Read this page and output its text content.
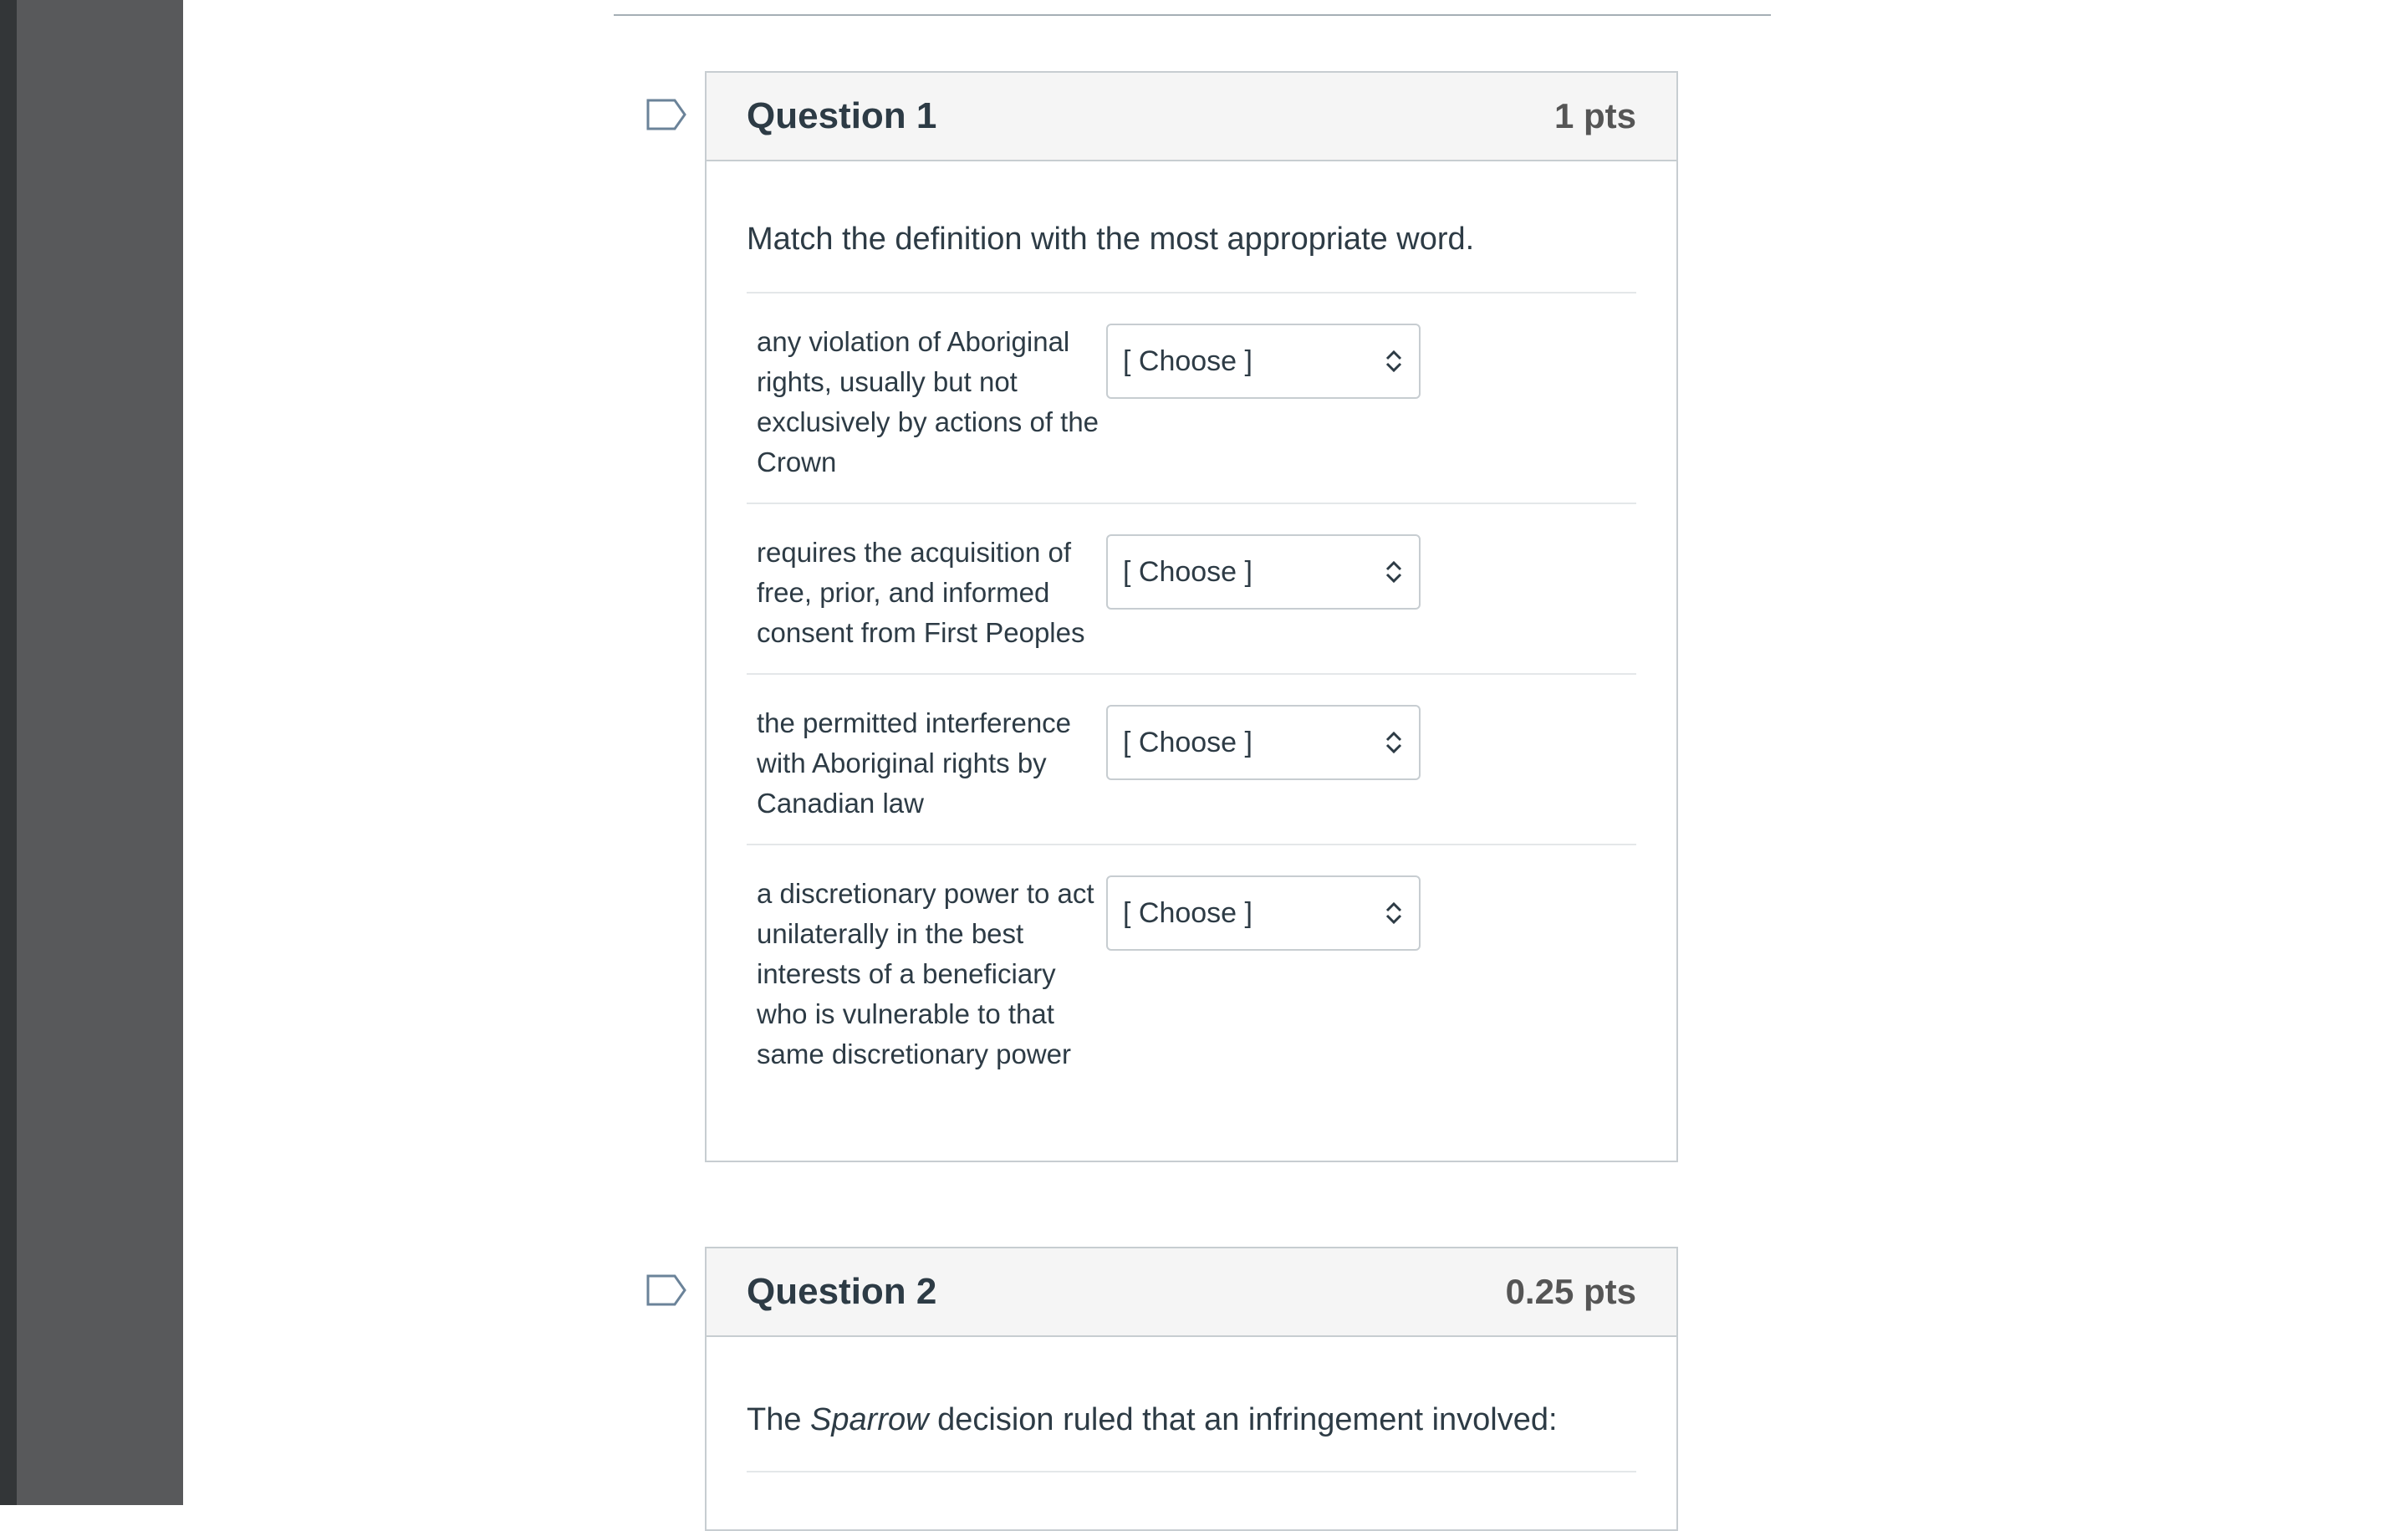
Question 1	1 pts
Match the definition with the most appropriate word.
any violation of Aboriginal rights, usually but not exclusively by actions of the Crown
[ Choose ]
requires the acquisition of free, prior, and informed consent from First Peoples
[ Choose ]
the permitted interference with Aboriginal rights by Canadian law
[ Choose ]
a discretionary power to act unilaterally in the best interests of a beneficiary who is vulnerable to that same discretionary power
[ Choose ]
Question 2	0.25 pts
The Sparrow decision ruled that an infringement involved:
